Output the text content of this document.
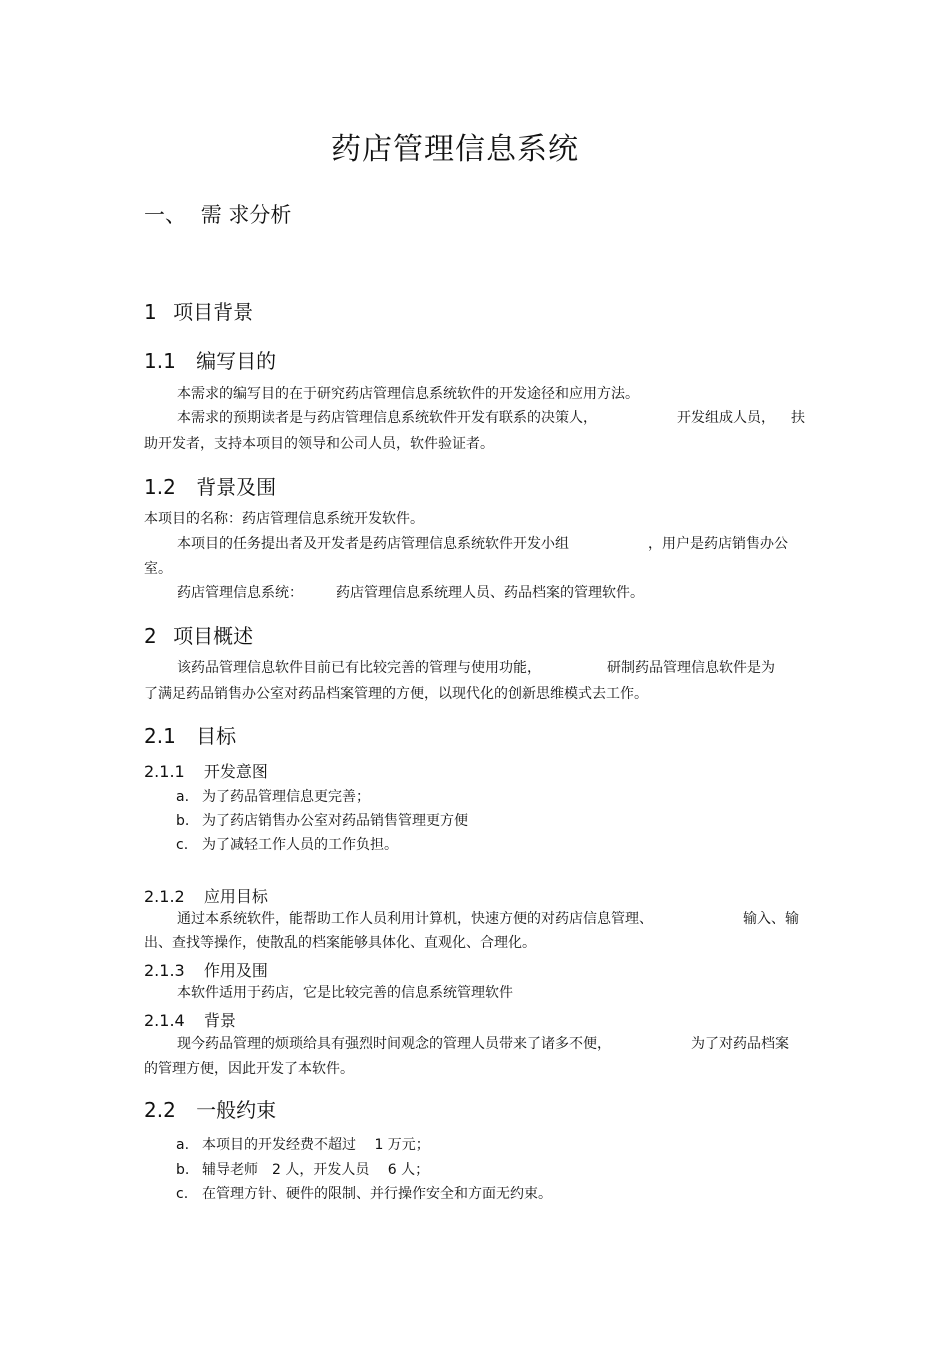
药店管理信息系统
一、 需 求分析
1 项目背景
1.1 编写目的
本需求的编写目的在于研究药店管理信息系统软件的开发途径和应用方法。
本需求的预期读者是与药店管理信息系统软件开发有联系的决策人，	开发组成人员， 扶
助开发者，支持本项目的领导和公司人员，软件验证者。
1.2 背景及围
本项目的名称：药店管理信息系统开发软件。
本项目的任务提出者及开发者是药店管理信息系统软件开发小组	，用户是药店销售办公
室。
药店管理信息系统： 药店管理信息系统理人员、药品档案的管理软件。
2 项目概述
该药品管理信息软件目前已有比较完善的管理与使用功能，	研制药品管理信息软件是为
了满足药品销售办公室对药品档案管理的方便，以现代化的创新思维模式去工作。
2.1 目标
2.1.1 开发意图
a. 为了药品管理信息更完善；
b. 为了药店销售办公室对药品销售管理更方便
c. 为了减轻工作人员的工作负担。
2.1.2 应用目标
通过本系统软件，能帮助工作人员利用计算机，快速方便的对药店信息管理、	输入、输
出、查找等操作，使散乱的档案能够具体化、直观化、合理化。
2.1.3 作用及围
本软件适用于药店，它是比较完善的信息系统管理软件
2.1.4 背景
现今药品管理的烦琐给具有强烈时间观念的管理人员带来了诸多不便，	为了对药品档案
的管理方便，因此开发了本软件。
2.2 一般约束
a. 本项目的开发经费不超过　 1 万元；
b. 辅导老师　2 人，开发人员　 6 人；
c. 在管理方针、硬件的限制、并行操作安全和方面无约束。
